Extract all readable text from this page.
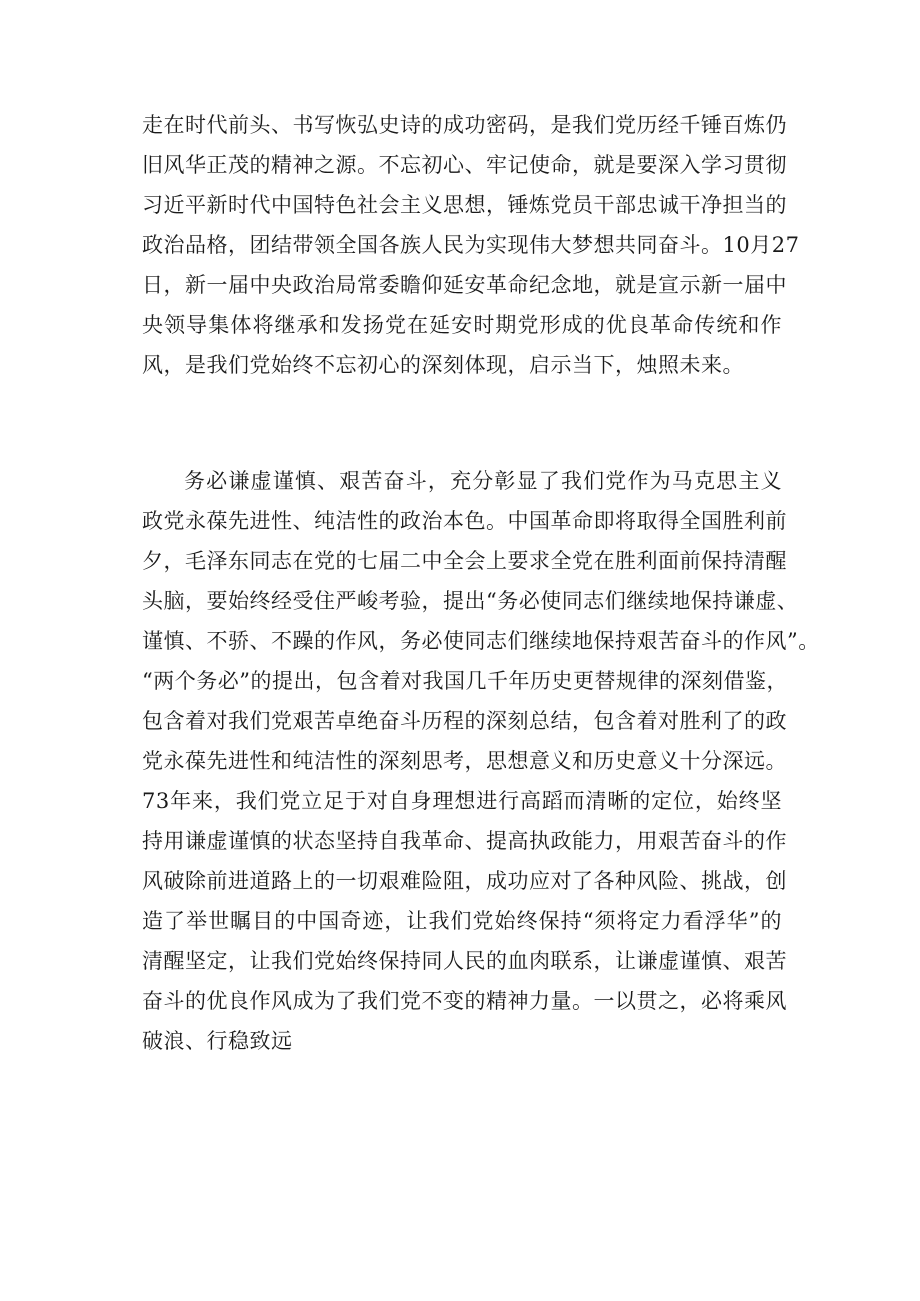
走在时代前头、书写恢弘史诗的成功密码，是我们党历经千锤百炼仍
旧风华正茂的精神之源。不忘初心、牢记使命，就是要深入学习贯彻
习近平新时代中国特色社会主义思想，锤炼党员干部忠诚干净担当的
政治品格，团结带领全国各族人民为实现伟大梦想共同奋斗。10月27
日，新一届中央政治局常委瞻仰延安革命纪念地，就是宣示新一届中
央领导集体将继承和发扬党在延安时期党形成的优良革命传统和作
风，是我们党始终不忘初心的深刻体现，启示当下，烛照未来。
务必谦虚谨慎、艰苦奋斗，充分彰显了我们党作为马克思主义
政党永葆先进性、纯洁性的政治本色。中国革命即将取得全国胜利前
夕，毛泽东同志在党的七届二中全会上要求全党在胜利面前保持清醒
头脑，要始终经受住严峻考验，提出“务必使同志们继续地保持谦虚、
谨慎、不骄、不躁的作风，务必使同志们继续地保持艰苦奋斗的作风”。
“两个务必”的提出，包含着对我国几千年历史更替规律的深刻借鉴，
包含着对我们党艰苦卓绝奋斗历程的深刻总结，包含着对胜利了的政
党永葆先进性和纯洁性的深刻思考，思想意义和历史意义十分深远。
73年来，我们党立足于对自身理想进行高蹈而清晰的定位，始终坚
持用谦虚谨慎的状态坚持自我革命、提高执政能力，用艰苦奋斗的作
风破除前进道路上的一切艰难险阻，成功应对了各种风险、挑战，创
造了举世瞩目的中国奇迹，让我们党始终保持“须将定力看浮华”的
清醒坚定，让我们党始终保持同人民的血肉联系，让谦虚谨慎、艰苦
奋斗的优良作风成为了我们党不变的精神力量。一以贯之，必将乘风
破浪、行稳致远
